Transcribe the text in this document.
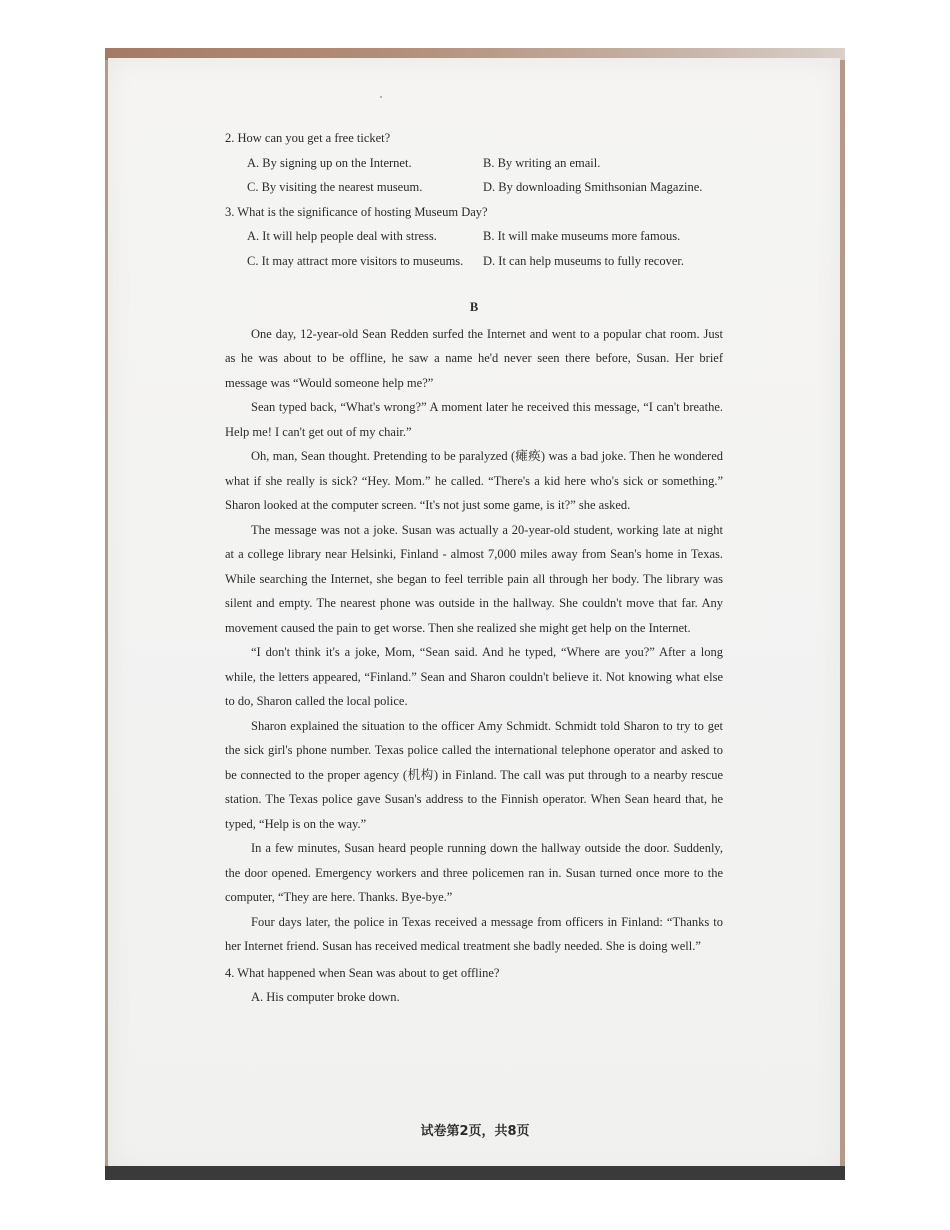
2. How can you get a free ticket?
A. By signing up on the Internet.	B. By writing an email.
C. By visiting the nearest museum.	D. By downloading Smithsonian Magazine.
3. What is the significance of hosting Museum Day?
A. It will help people deal with stress.	B. It will make museums more famous.
C. It may attract more visitors to museums.	D. It can help museums to fully recover.
B

One day, 12-year-old Sean Redden surfed the Internet and went to a popular chat room. Just as he was about to be offline, he saw a name he'd never seen there before, Susan. Her brief message was “Would someone help me?”

Sean typed back, “What's wrong?” A moment later he received this message, “I can't breathe. Help me! I can't get out of my chair.”

Oh, man, Sean thought. Pretending to be paralyzed (瘫痪) was a bad joke. Then he wondered what if she really is sick? “Hey. Mom.” he called. “There's a kid here who's sick or something.” Sharon looked at the computer screen. “It's not just some game, is it?” she asked.

The message was not a joke. Susan was actually a 20-year-old student, working late at night at a college library near Helsinki, Finland - almost 7,000 miles away from Sean's home in Texas. While searching the Internet, she began to feel terrible pain all through her body. The library was silent and empty. The nearest phone was outside in the hallway. She couldn't move that far. Any movement caused the pain to get worse. Then she realized she might get help on the Internet.

“I don't think it's a joke, Mom, “Sean said. And he typed, “Where are you?” After a long while, the letters appeared, “Finland.” Sean and Sharon couldn't believe it. Not knowing what else to do, Sharon called the local police.

Sharon explained the situation to the officer Amy Schmidt. Schmidt told Sharon to try to get the sick girl's phone number. Texas police called the international telephone operator and asked to be connected to the proper agency (机构) in Finland. The call was put through to a nearby rescue station. The Texas police gave Susan's address to the Finnish operator. When Sean heard that, he typed, “Help is on the way.”

In a few minutes, Susan heard people running down the hallway outside the door. Suddenly, the door opened. Emergency workers and three policemen ran in. Susan turned once more to the computer, “They are here. Thanks. Bye-bye.”

Four days later, the police in Texas received a message from officers in Finland: “Thanks to her Internet friend. Susan has received medical treatment she badly needed. She is doing well.”

4. What happened when Sean was about to get offline?
A. His computer broke down.
试卷第2页，共8页
